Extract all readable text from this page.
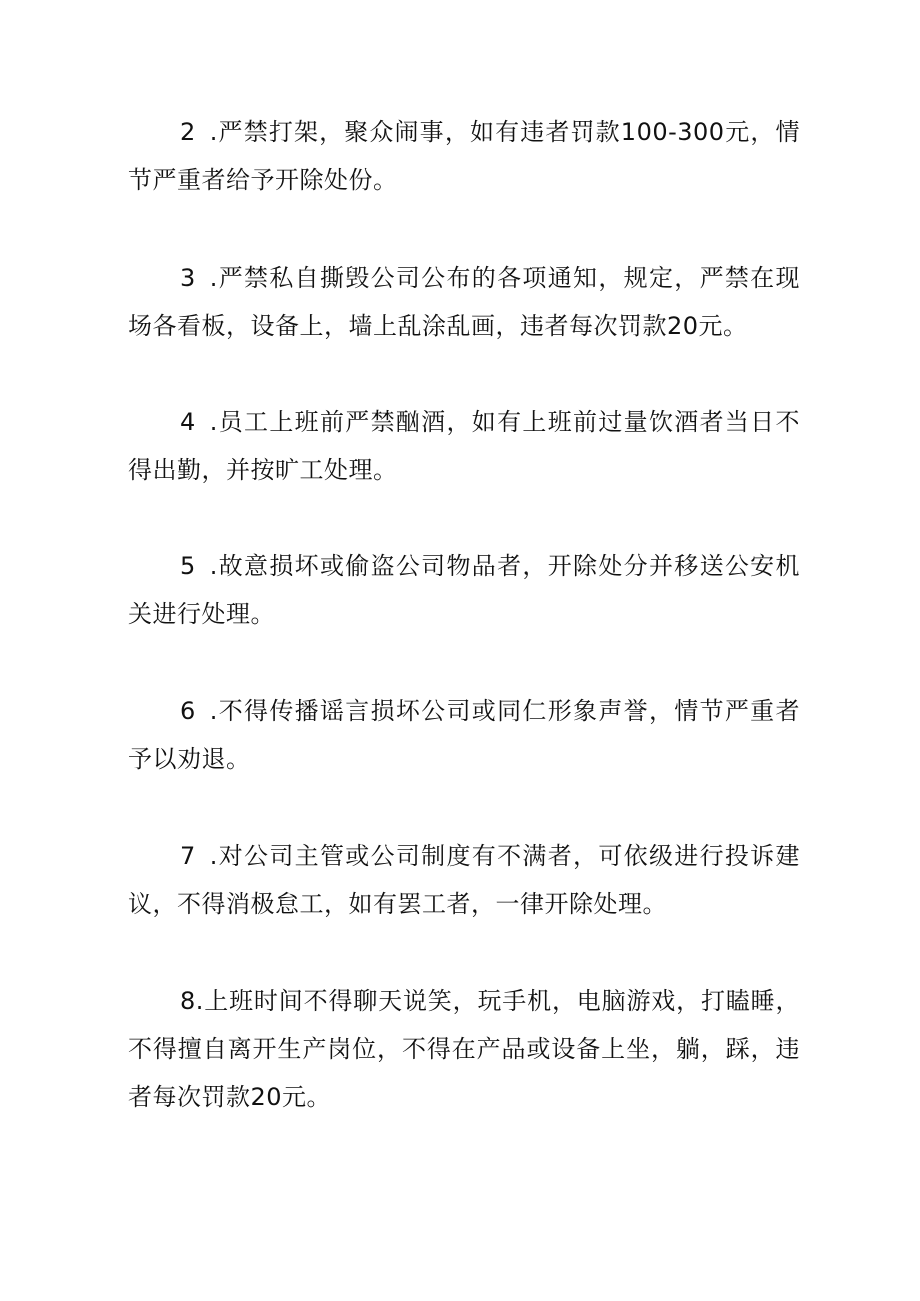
2 .严禁打架，聚众闹事，如有违者罚款100-300元，情节严重者给予开除处份。

3 .严禁私自撕毁公司公布的各项通知，规定，严禁在现场各看板，设备上，墙上乱涂乱画，违者每次罚款20元。

4 .员工上班前严禁酗酒，如有上班前过量饮酒者当日不得出勤，并按旷工处理。

5 .故意损坏或偷盗公司物品者，开除处分并移送公安机关进行处理。

6 .不得传播谣言损坏公司或同仁形象声誉，情节严重者予以劝退。

7 .对公司主管或公司制度有不满者，可依级进行投诉建议，不得消极怠工，如有罢工者，一律开除处理。

8.上班时间不得聊天说笑，玩手机，电脑游戏，打瞌睡，不得擅自离开生产岗位，不得在产品或设备上坐，躺，踩，违者每次罚款20元。
